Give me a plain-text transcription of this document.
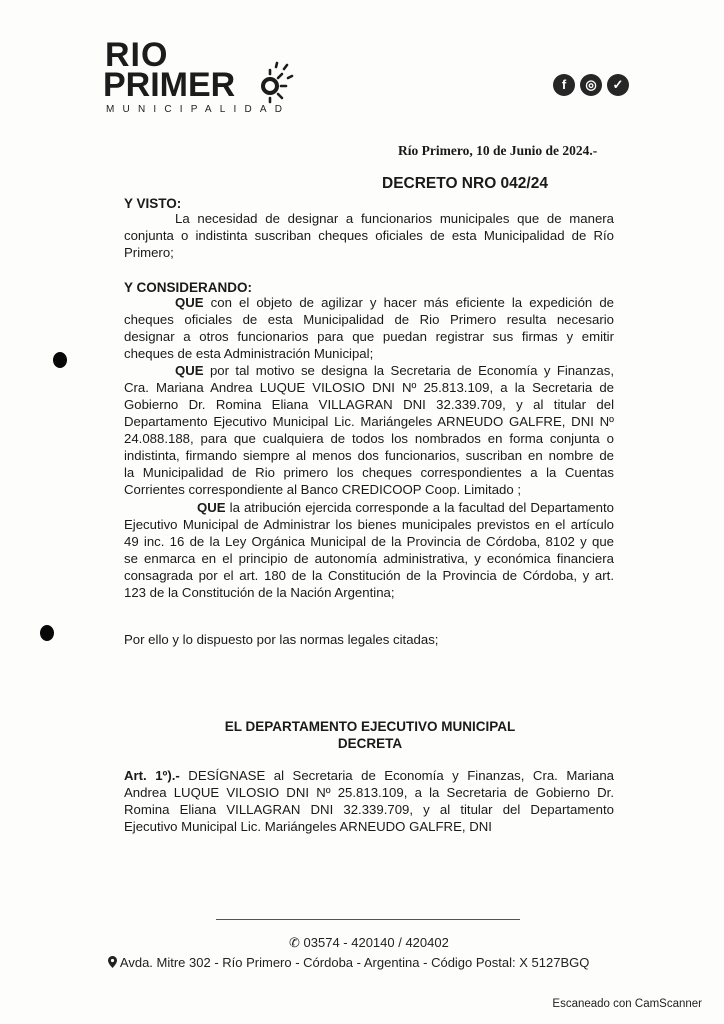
RIO
PRIMER
MUNICIPALIDAD
f	◎	✓
Río Primero, 10 de Junio de 2024.-
DECRETO NRO 042/24
Y VISTO:
La necesidad de designar a funcionarios municipales que de manera
conjunta o indistinta suscriban cheques oficiales de esta Municipalidad de Río
Primero;
Y CONSIDERANDO:
QUE con el objeto de agilizar y hacer más eficiente la expedición de
cheques oficiales de esta Municipalidad de Rio Primero resulta necesario
designar a otros funcionarios para que puedan registrar sus firmas y emitir
cheques de esta Administración Municipal;
QUE por tal motivo se designa la Secretaria de Economía y Finanzas,
Cra. Mariana Andrea LUQUE VILOSIO DNI Nº 25.813.109, a la Secretaria de
Gobierno Dr. Romina Eliana VILLAGRAN DNI 32.339.709, y al titular del
Departamento Ejecutivo Municipal Lic. Mariángeles ARNEUDO GALFRE, DNI Nº
24.088.188, para que cualquiera de todos los nombrados en forma conjunta o
indistinta, firmando siempre al menos dos funcionarios, suscriban en nombre de
la Municipalidad de Rio primero los cheques correspondientes a la Cuentas
Corrientes correspondiente al Banco CREDICOOP Coop. Limitado ;
QUE la atribución ejercida corresponde a la facultad del Departamento
Ejecutivo Municipal de Administrar los bienes municipales previstos en el artículo
49 inc. 16 de la Ley Orgánica Municipal de la Provincia de Córdoba, 8102 y que
se enmarca en el principio de autonomía administrativa, y económica financiera
consagrada por el art. 180 de la Constitución de la Provincia de Córdoba, y art.
123 de la Constitución de la Nación Argentina;
Por ello y lo dispuesto por las normas legales citadas;
EL DEPARTAMENTO EJECUTIVO MUNICIPAL
DECRETA
Art. 1º).- DESÍGNASE al Secretaria de Economía y Finanzas, Cra. Mariana
Andrea LUQUE VILOSIO DNI Nº 25.813.109, a la Secretaria de Gobierno Dr.
Romina Eliana VILLAGRAN DNI 32.339.709, y al titular del Departamento
Ejecutivo Municipal Lic. Mariángeles ARNEUDO GALFRE, DNI
✆ 03574 - 420140 / 420402
Avda. Mitre 302 - Río Primero - Córdoba - Argentina - Código Postal: X 5127BGQ
Escaneado con CamScanner
